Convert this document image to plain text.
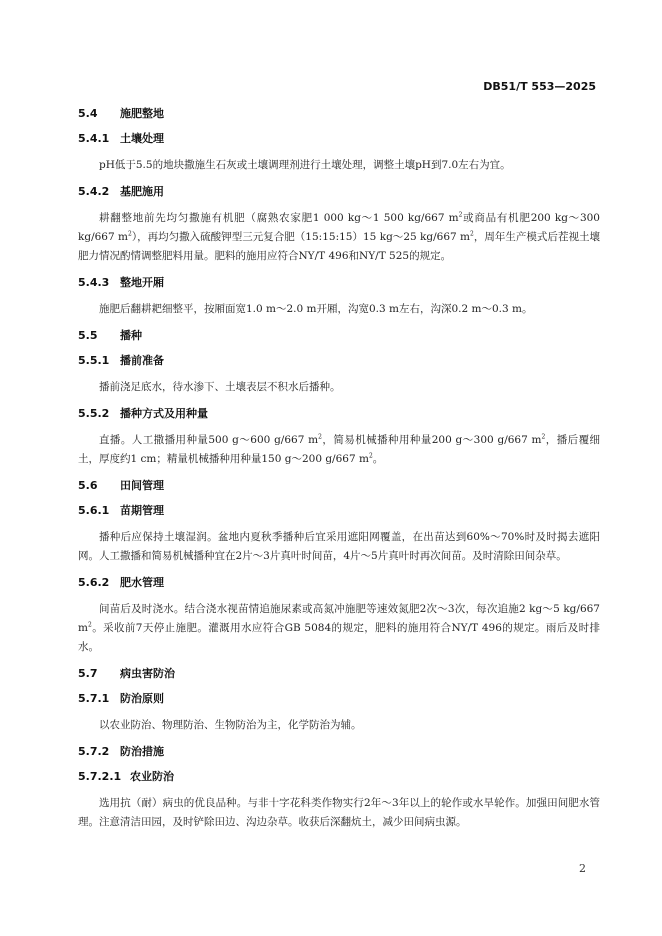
DB51/T 553—2025
5.4 施肥整地
5.4.1 土壤处理

pH低于5.5的地块撒施生石灰或土壤调理剂进行土壤处理，调整土壤pH到7.0左右为宜。

5.4.2 基肥施用

耕翻整地前先均匀撒施有机肥（腐熟农家肥1 000 kg～1 500 kg/667 $m^2$或商品有机肥200 kg～300 kg/667 $m^2$），再均匀撒入硫酸钾型三元复合肥（15:15:15）15 kg～25 kg/667 $m^2$，周年生产模式后茬视土壤肥力情况酌情调整肥料用量。肥料的施用应符合NY/T 496和NY/T 525的规定。

5.4.3 整地开厢

施肥后翻耕耙细整平，按厢面宽1.0 m～2.0 m开厢，沟宽0.3 m左右，沟深0.2 m～0.3 m。

5.5 播种
5.5.1 播前准备

播前浇足底水，待水渗下、土壤表层不积水后播种。

5.5.2 播种方式及用种量

直播。人工撒播用种量500 g～600 g/667 $m^2$，简易机械播种用种量200 g～300 g/667 $m^2$，播后覆细土，厚度约1 cm；精量机械播种用种量150 g～200 g/667 $m^2$。

5.6 田间管理
5.6.1 苗期管理

播种后应保持土壤湿润。盆地内夏秋季播种后宜采用遮阳网覆盖，在出苗达到60%～70%时及时揭去遮阳网。人工撒播和简易机械播种宜在2片～3片真叶时间苗，4片～5片真叶时再次间苗。及时清除田间杂草。

5.6.2 肥水管理

间苗后及时浇水。结合浇水视苗情追施尿素或高氮冲施肥等速效氮肥2次～3次，每次追施2 kg～5 kg/667 $m^2$。采收前7天停止施肥。灌溉用水应符合GB 5084的规定，肥料的施用符合NY/T 496的规定。雨后及时排水。

5.7 病虫害防治
5.7.1 防治原则

以农业防治、物理防治、生物防治为主，化学防治为辅。

5.7.2 防治措施
5.7.2.1 农业防治

选用抗（耐）病虫的优良品种。与非十字花科类作物实行2年～3年以上的轮作或水旱轮作。加强田间肥水管理。注意清洁田园，及时铲除田边、沟边杂草。收获后深翻炕土，减少田间病虫源。

2
